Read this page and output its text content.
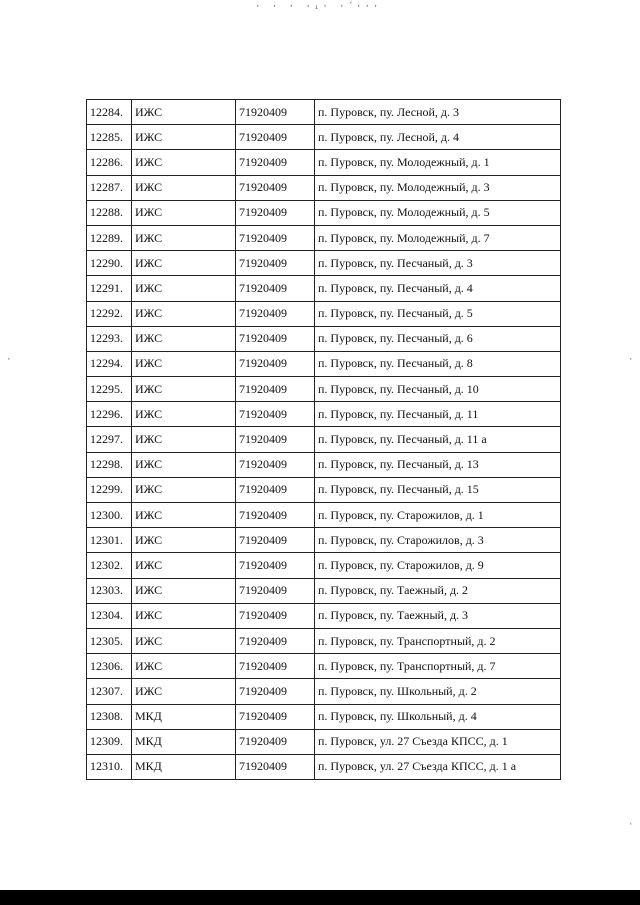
· · · ·ᵢ· ·´···
·	·
·
12284.	ИЖС	71920409	п. Пуровск, пу. Лесной, д. 3
12285.	ИЖС	71920409	п. Пуровск, пу. Лесной, д. 4
12286.	ИЖС	71920409	п. Пуровск, пу. Молодежный, д. 1
12287.	ИЖС	71920409	п. Пуровск, пу. Молодежный, д. 3
12288.	ИЖС	71920409	п. Пуровск, пу. Молодежный, д. 5
12289.	ИЖС	71920409	п. Пуровск, пу. Молодежный, д. 7
12290.	ИЖС	71920409	п. Пуровск, пу. Песчаный, д. 3
12291.	ИЖС	71920409	п. Пуровск, пу. Песчаный, д. 4
12292.	ИЖС	71920409	п. Пуровск, пу. Песчаный, д. 5
12293.	ИЖС	71920409	п. Пуровск, пу. Песчаный, д. 6
12294.	ИЖС	71920409	п. Пуровск, пу. Песчаный, д. 8
12295.	ИЖС	71920409	п. Пуровск, пу. Песчаный, д. 10
12296.	ИЖС	71920409	п. Пуровск, пу. Песчаный, д. 11
12297.	ИЖС	71920409	п. Пуровск, пу. Песчаный, д. 11 а
12298.	ИЖС	71920409	п. Пуровск, пу. Песчаный, д. 13
12299.	ИЖС	71920409	п. Пуровск, пу. Песчаный, д. 15
12300.	ИЖС	71920409	п. Пуровск, пу. Старожилов, д. 1
12301.	ИЖС	71920409	п. Пуровск, пу. Старожилов, д. 3
12302.	ИЖС	71920409	п. Пуровск, пу. Старожилов, д. 9
12303.	ИЖС	71920409	п. Пуровск, пу. Таежный, д. 2
12304.	ИЖС	71920409	п. Пуровск, пу. Таежный, д. 3
12305.	ИЖС	71920409	п. Пуровск, пу. Транспортный, д. 2
12306.	ИЖС	71920409	п. Пуровск, пу. Транспортный, д. 7
12307.	ИЖС	71920409	п. Пуровск, пу. Школьный, д. 2
12308.	МКД	71920409	п. Пуровск, пу. Школьный, д. 4
12309.	МКД	71920409	п. Пуровск, ул. 27 Съезда КПСС, д. 1
12310.	МКД	71920409	п. Пуровск, ул. 27 Съезда КПСС, д. 1 а
